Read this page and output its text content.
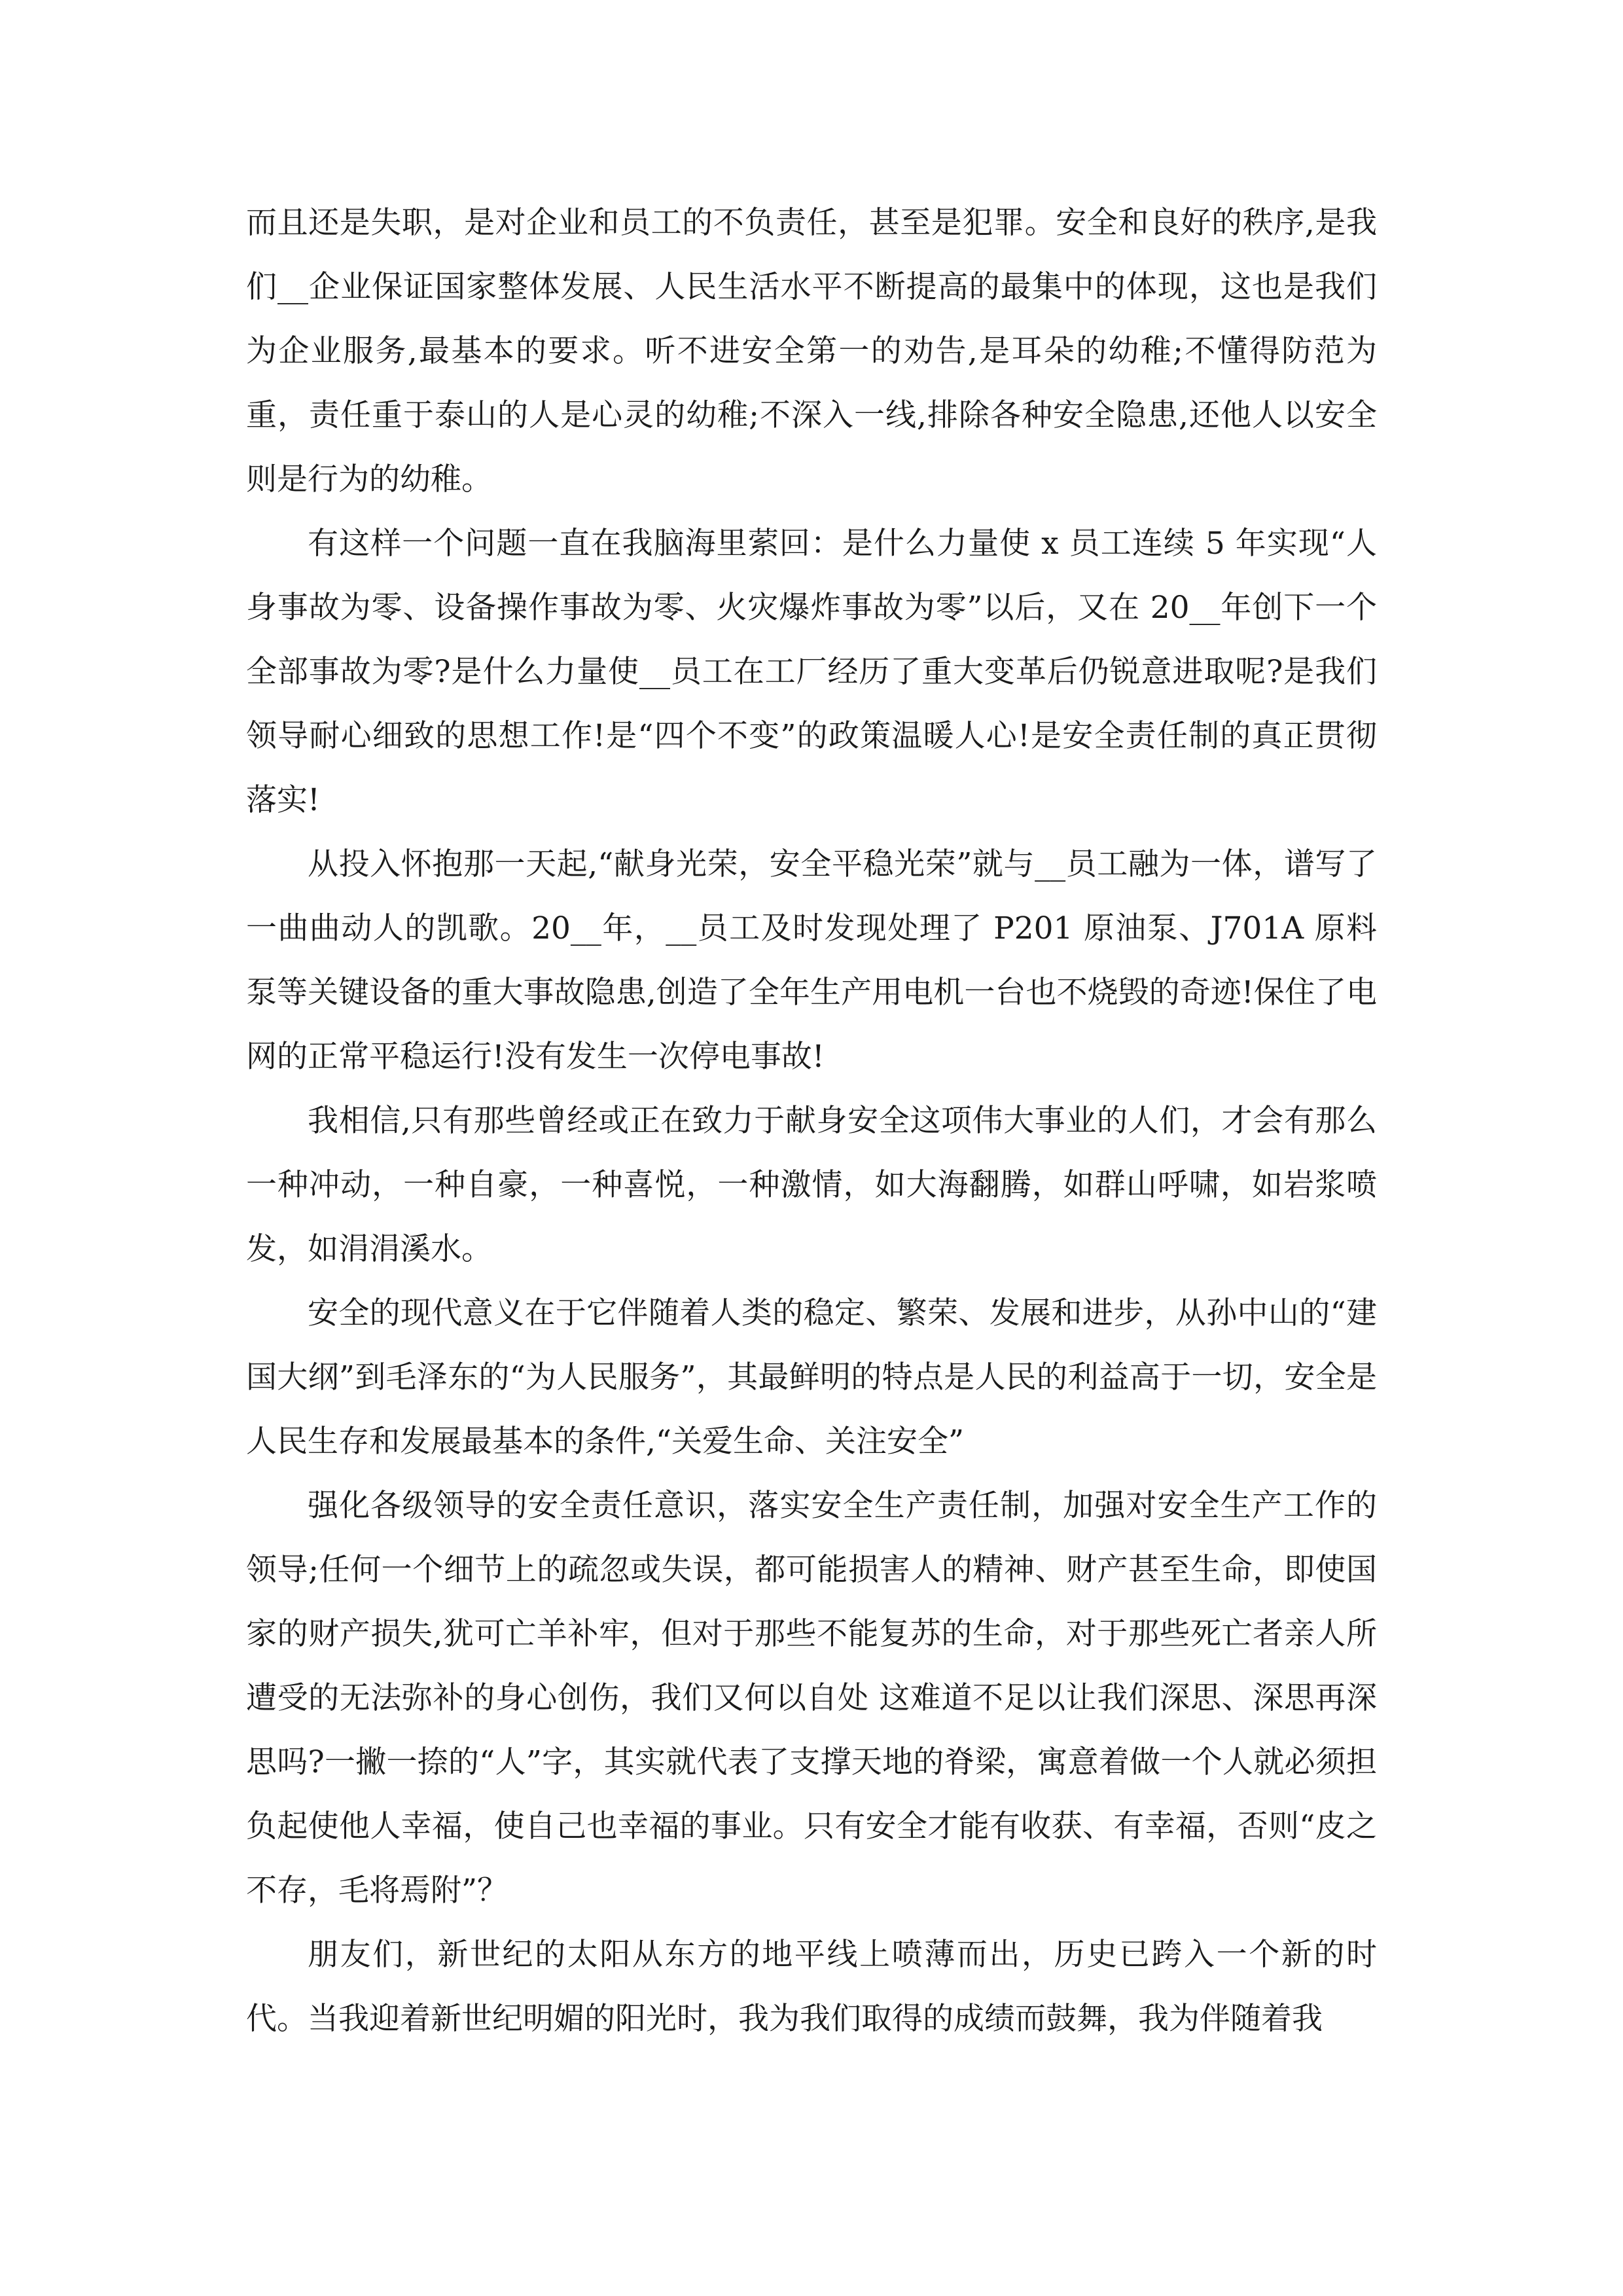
而且还是失职，是对企业和员工的不负责任，甚至是犯罪。安全和良好的秩序,是我们__企业保证国家整体发展、人民生活水平不断提高的最集中的体现，这也是我们为企业服务,最基本的要求。听不进安全第一的劝告,是耳朵的幼稚;不懂得防范为重，责任重于泰山的人是心灵的幼稚;不深入一线,排除各种安全隐患,还他人以安全则是行为的幼稚。

有这样一个问题一直在我脑海里萦回：是什么力量使 x 员工连续 5 年实现“人身事故为零、设备操作事故为零、火灾爆炸事故为零”以后，又在 20__年创下一个全部事故为零?是什么力量使__员工在工厂经历了重大变革后仍锐意进取呢?是我们领导耐心细致的思想工作!是“四个不变”的政策温暖人心!是安全责任制的真正贯彻落实!

从投入怀抱那一天起,“献身光荣，安全平稳光荣”就与__员工融为一体，谱写了一曲曲动人的凯歌。20__年，__员工及时发现处理了 P201 原油泵、J701A 原料泵等关键设备的重大事故隐患,创造了全年生产用电机一台也不烧毁的奇迹!保住了电网的正常平稳运行!没有发生一次停电事故!

我相信,只有那些曾经或正在致力于献身安全这项伟大事业的人们，才会有那么一种冲动，一种自豪，一种喜悦，一种激情，如大海翻腾，如群山呼啸，如岩浆喷发，如涓涓溪水。

安全的现代意义在于它伴随着人类的稳定、繁荣、发展和进步，从孙中山的“建国大纲”到毛泽东的“为人民服务”，其最鲜明的特点是人民的利益高于一切，安全是人民生存和发展最基本的条件,“关爱生命、关注安全”

强化各级领导的安全责任意识，落实安全生产责任制，加强对安全生产工作的领导;任何一个细节上的疏忽或失误，都可能损害人的精神、财产甚至生命，即使国家的财产损失,犹可亡羊补牢，但对于那些不能复苏的生命，对于那些死亡者亲人所遭受的无法弥补的身心创伤，我们又何以自处 这难道不足以让我们深思、深思再深思吗?一撇一捺的“人”字，其实就代表了支撑天地的脊梁，寓意着做一个人就必须担负起使他人幸福，使自己也幸福的事业。只有安全才能有收获、有幸福，否则“皮之不存，毛将焉附”？

朋友们，新世纪的太阳从东方的地平线上喷薄而出，历史已跨入一个新的时代。当我迎着新世纪明媚的阳光时，我为我们取得的成绩而鼓舞，我为伴随着我
